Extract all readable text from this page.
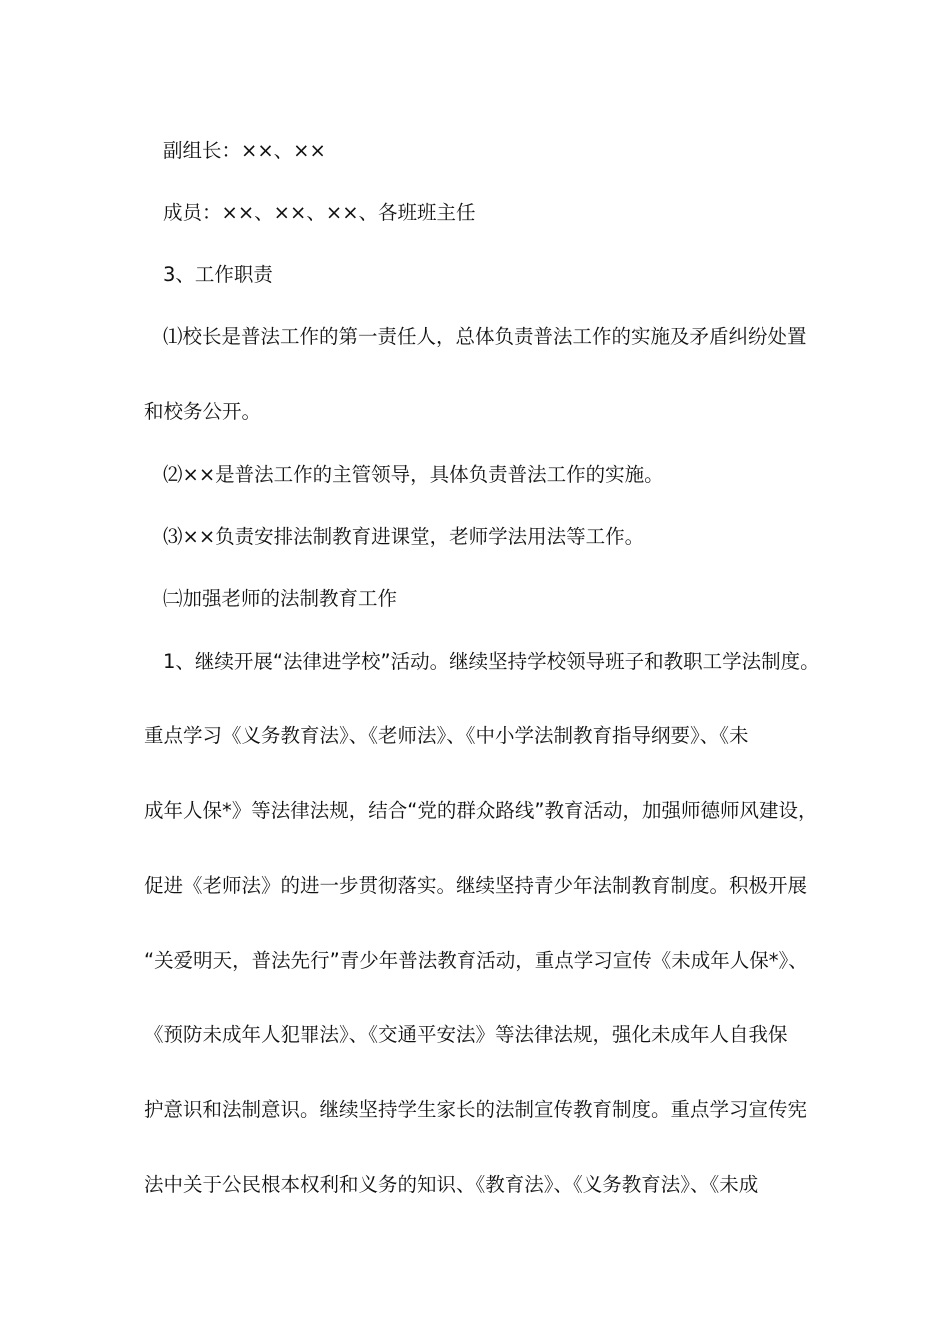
副组长：××、××
成员：××、××、××、各班班主任
3、工作职责
⑴校长是普法工作的第一责任人，总体负责普法工作的实施及矛盾纠纷处置
和校务公开。
⑵××是普法工作的主管领导，具体负责普法工作的实施。
⑶××负责安排法制教育进课堂，老师学法用法等工作。
㈡加强老师的法制教育工作
1、继续开展“法律进学校”活动。继续坚持学校领导班子和教职工学法制度。
重点学习《义务教育法》、《老师法》、《中小学法制教育指导纲要》、《未
成年人保*》等法律法规，结合“党的群众路线”教育活动，加强师德师风建设，
促进《老师法》的进一步贯彻落实。继续坚持青少年法制教育制度。积极开展
“关爱明天，普法先行”青少年普法教育活动，重点学习宣传《未成年人保*》、
《预防未成年人犯罪法》、《交通平安法》等法律法规，强化未成年人自我保
护意识和法制意识。继续坚持学生家长的法制宣传教育制度。重点学习宣传宪
法中关于公民根本权利和义务的知识、《教育法》、《义务教育法》、《未成
